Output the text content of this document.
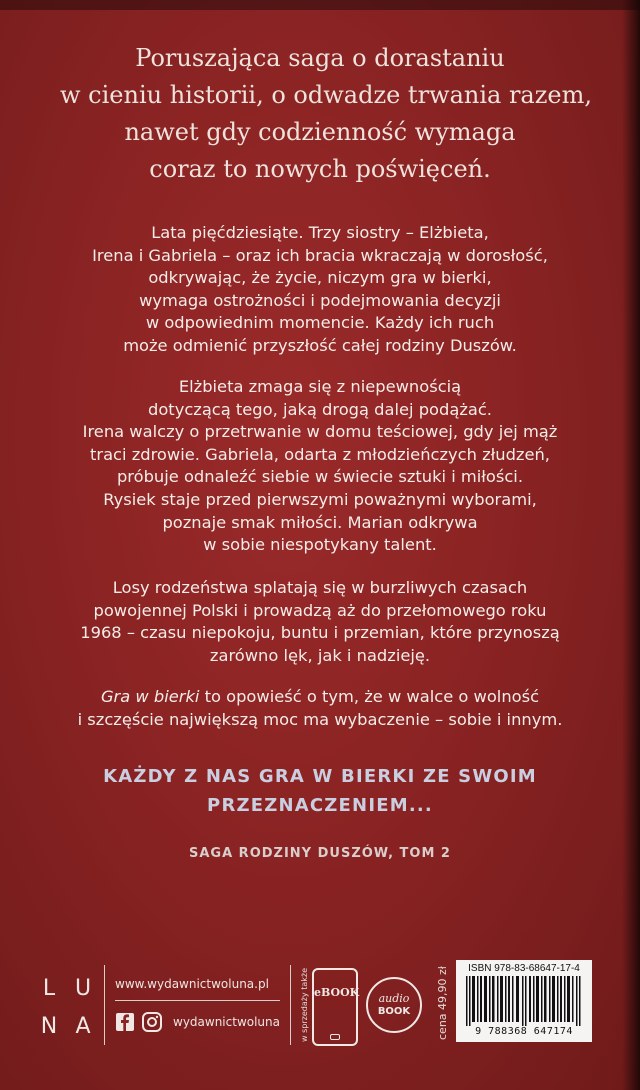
Poruszająca saga o dorastaniu
w cieniu historii, o odwadze trwania razem,
nawet gdy codzienność wymaga
coraz to nowych poświęceń.
Lata pięćdziesiąte. Trzy siostry – Elżbieta,
Irena i Gabriela – oraz ich bracia wkraczają w dorosłość,
odkrywając, że życie, niczym gra w bierki,
wymaga ostrożności i podejmowania decyzji
w odpowiednim momencie. Każdy ich ruch
może odmienić przyszłość całej rodziny Duszów.
Elżbieta zmaga się z niepewnością
dotyczącą tego, jaką drogą dalej podążać.
Irena walczy o przetrwanie w domu teściowej, gdy jej mąż
traci zdrowie. Gabriela, odarta z młodzieńczych złudzeń,
próbuje odnaleźć siebie w świecie sztuki i miłości.
Rysiek staje przed pierwszymi poważnymi wyborami,
poznaje smak miłości. Marian odkrywa
w sobie niespotykany talent.
Losy rodzeństwa splatają się w burzliwych czasach
powojennej Polski i prowadzą aż do przełomowego roku
1968 – czasu niepokoju, buntu i przemian, które przynoszą
zarówno lęk, jak i nadzieję.
Gra w bierki to opowieść o tym, że w walce o wolność
i szczęście największą moc ma wybaczenie – sobie i innym.
KAŻDY Z NAS GRA W BIERKI ZE SWOIM
PRZEZNACZENIEM...
SAGA RODZINY DUSZÓW, TOM 2
L U
N A
www.wydawnictwoluna.pl
wydawnictwoluna	w sprzedaży także eBOOK	audio
BOOK	cena 49,90 zł	ISBN 978-83-68647-17-4
9 788368 647174
